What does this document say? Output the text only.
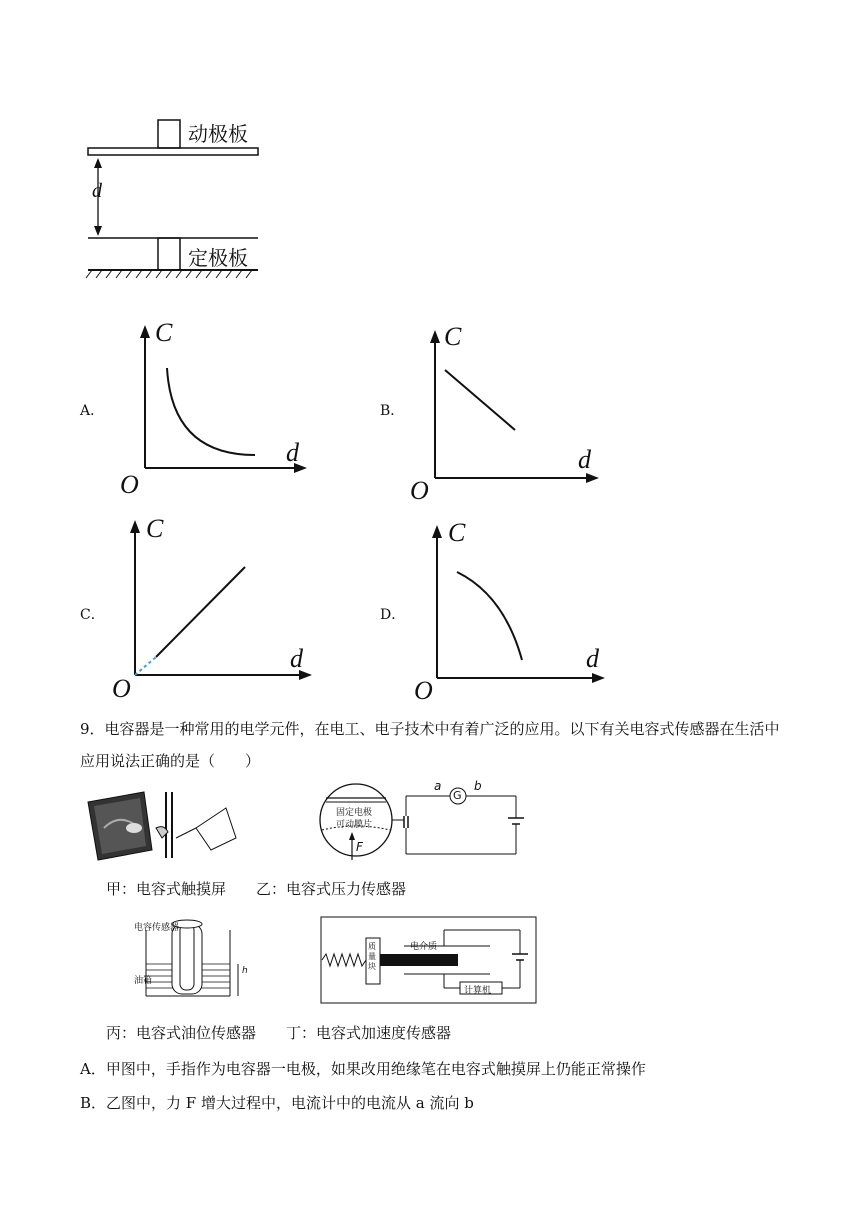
动极板
定极板
d
A．
C
d
O
B．
C
d
O
C．
C
d
O
D．
C
d
O
9．电容器是一种常用的电学元件，在电工、电子技术中有着广泛的应用。以下有关电容式传感器在生活中
应用说法正确的是（　　）
固定电极
可动膜片
F
G
a	b
甲：电容式触摸屏　　乙：电容式压力传感器
电容传感器
油箱
h
质
量
块
电介质
计算机
丙：电容式油位传感器　　丁：电容式加速度传感器
A．甲图中，手指作为电容器一电极，如果改用绝缘笔在电容式触摸屏上仍能正常操作
B．乙图中，力 F 增大过程中，电流计中的电流从 a 流向 b
